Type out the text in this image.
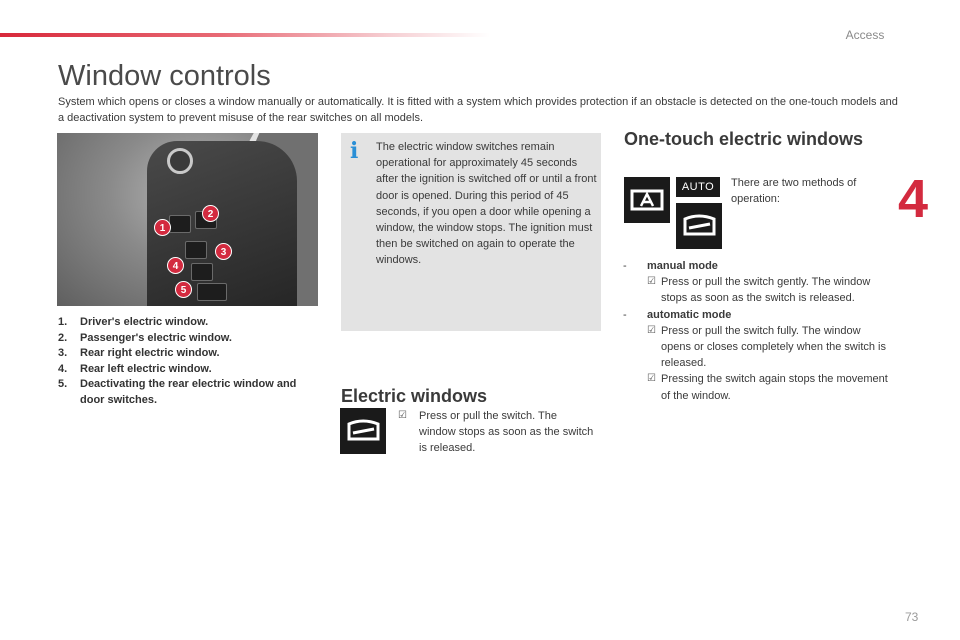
Access
4
73
Window controls

System which opens or closes a window manually or automatically. It is fitted with a system which provides protection if an obstacle is detected on the one-touch models and a deactivation system to prevent misuse of the rear switches on all models.

1
2
3
4
5
1. Driver's electric window.
2. Passenger's electric window.
3. Rear right electric window.
4. Rear left electric window.
5. Deactivating the rear electric window and door switches.
i The electric window switches remain operational for approximately 45 seconds after the ignition is switched off or until a front door is opened. During this period of 45 seconds, if you open a door while opening a window, the window stops. The ignition must then be switched on again to operate the windows.

Electric windows
☑ Press or pull the switch. The window stops as soon as the switch is released.

One-touch electric windows
AUTO	There are two methods of operation:

- manual mode
☑ Press or pull the switch gently. The window stops as soon as the switch is released.
- automatic mode
☑ Press or pull the switch fully. The window opens or closes completely when the switch is released.
☑ Pressing the switch again stops the movement of the window.
